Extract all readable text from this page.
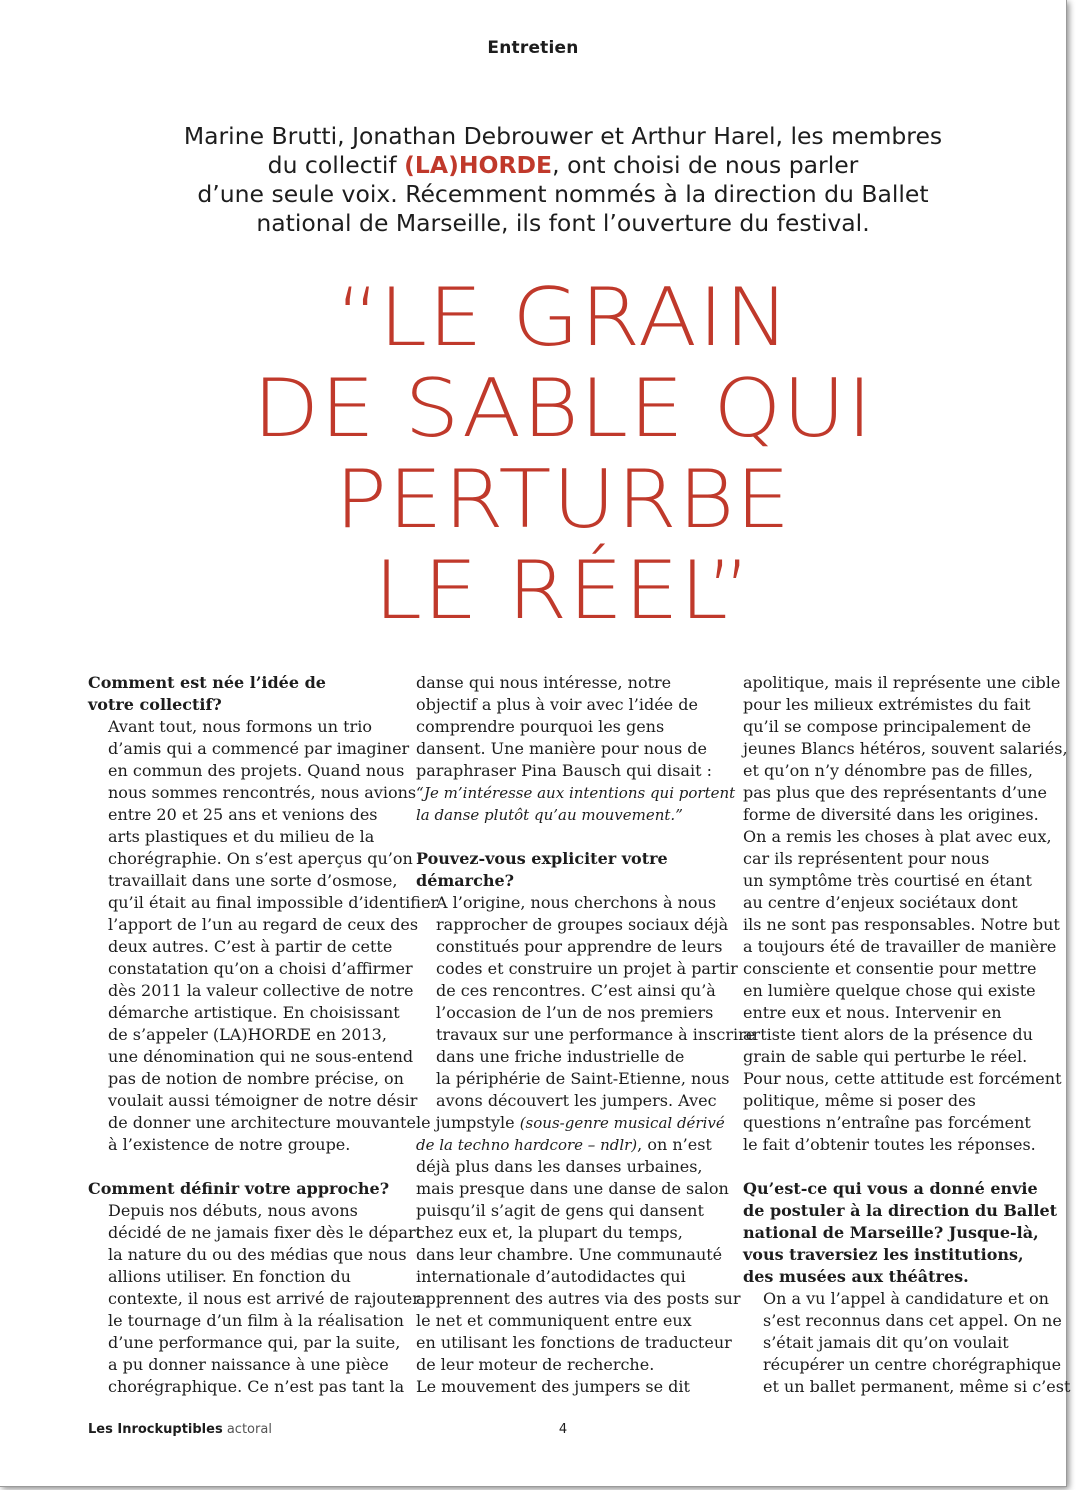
Entretien
Marine Brutti, Jonathan Debrouwer et Arthur Harel, les membres
du collectif (LA)HORDE, ont choisi de nous parler
d’une seule voix. Récemment nommés à la direction du Ballet
national de Marseille, ils font l’ouverture du festival.
“LE GRAIN
DE SABLE QUI
PERTURBE
LE RÉEL”

Comment est née l’idée de
votre collectif?

Avant tout, nous formons un trio
d’amis qui a commencé par imaginer
en commun des projets. Quand nous
nous sommes rencontrés, nous avions
entre 20 et 25 ans et venions des
arts plastiques et du milieu de la
chorégraphie. On s’est aperçus qu’on
travaillait dans une sorte d’osmose,
qu’il était au final impossible d’identifier
l’apport de l’un au regard de ceux des
deux autres. C’est à partir de cette
constatation qu’on a choisi d’affirmer
dès 2011 la valeur collective de notre
démarche artistique. En choisissant
de s’appeler (LA)HORDE en 2013,
une dénomination qui ne sous-entend
pas de notion de nombre précise, on
voulait aussi témoigner de notre désir
de donner une architecture mouvante
à l’existence de notre groupe.

Comment définir votre approche?

Depuis nos débuts, nous avons
décidé de ne jamais fixer dès le départ
la nature du ou des médias que nous
allions utiliser. En fonction du
contexte, il nous est arrivé de rajouter
le tournage d’un film à la réalisation
d’une performance qui, par la suite,
a pu donner naissance à une pièce
chorégraphique. Ce n’est pas tant la

danse qui nous intéresse, notre
objectif a plus à voir avec l’idée de
comprendre pourquoi les gens
dansent. Une manière pour nous de
paraphraser Pina Bausch qui disait :

“Je m’intéresse aux intentions qui portent
la danse plutôt qu’au mouvement.”

Pouvez-vous expliciter votre
démarche?

A l’origine, nous cherchons à nous
rapprocher de groupes sociaux déjà
constitués pour apprendre de leurs
codes et construire un projet à partir
de ces rencontres. C’est ainsi qu’à
l’occasion de l’un de nos premiers
travaux sur une performance à inscrire
dans une friche industrielle de
la périphérie de Saint-Etienne, nous
avons découvert les jumpers. Avec

le jumpstyle (sous-genre musical dérivé
de la techno hardcore – ndlr), on n’est

déjà plus dans les danses urbaines,
mais presque dans une danse de salon
puisqu’il s’agit de gens qui dansent
chez eux et, la plupart du temps,
dans leur chambre. Une communauté
internationale d’autodidactes qui
apprennent des autres via des posts sur
le net et communiquent entre eux
en utilisant les fonctions de traducteur
de leur moteur de recherche.
Le mouvement des jumpers se dit

apolitique, mais il représente une cible
pour les milieux extrémistes du fait
qu’il se compose principalement de
jeunes Blancs hétéros, souvent salariés,
et qu’on n’y dénombre pas de filles,
pas plus que des représentants d’une
forme de diversité dans les origines.
On a remis les choses à plat avec eux,
car ils représentent pour nous
un symptôme très courtisé en étant
au centre d’enjeux sociétaux dont
ils ne sont pas responsables. Notre but
a toujours été de travailler de manière
consciente et consentie pour mettre
en lumière quelque chose qui existe
entre eux et nous. Intervenir en
artiste tient alors de la présence du
grain de sable qui perturbe le réel.
Pour nous, cette attitude est forcément
politique, même si poser des
questions n’entraîne pas forcément
le fait d’obtenir toutes les réponses.

Qu’est-ce qui vous a donné envie
de postuler à la direction du Ballet
national de Marseille? Jusque-là,
vous traversiez les institutions,
des musées aux théâtres.

On a vu l’appel à candidature et on
s’est reconnus dans cet appel. On ne
s’était jamais dit qu’on voulait
récupérer un centre chorégraphique
et un ballet permanent, même si c’est

Les Inrockuptibles actoral	4
